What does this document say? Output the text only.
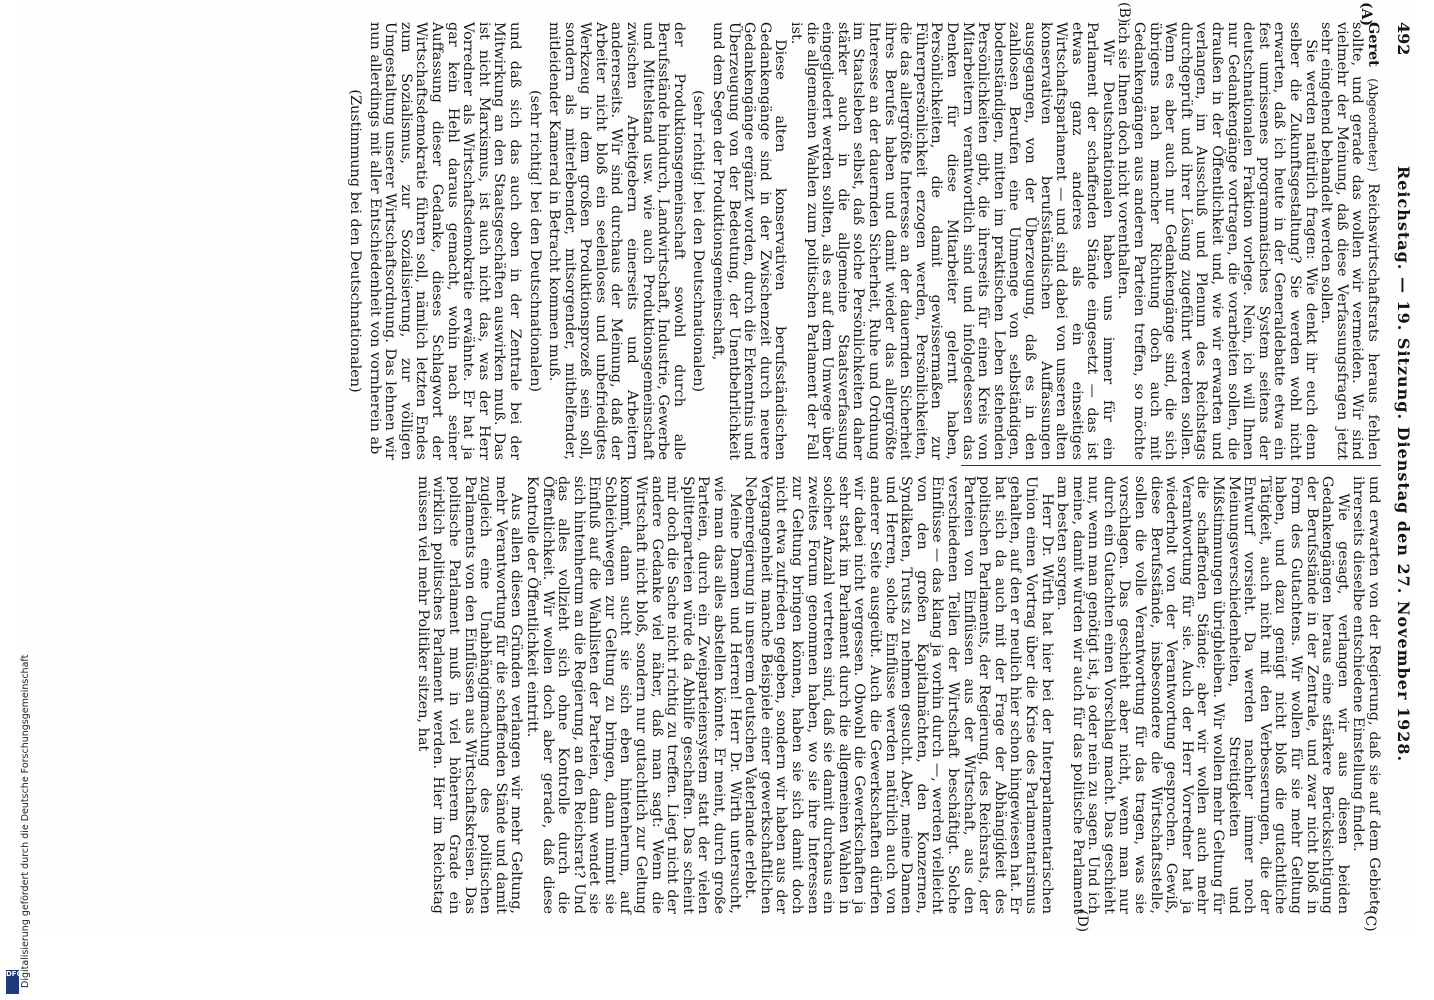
492
Reichstag. — 19. Sitzung. Dienstag den 27. November 1928.
(A)
(B)
(C)
(D)

Geret (Abgeordneter) Reichswirtschaftsrats heraus fehlen sollte, und gerade das wollen wir vermeiden. Wir sind vielmehr der Meinung, daß diese Verfassungsfragen jetzt sehr eingehend behandelt werden sollen.

Sie werden natürlich fragen: Wie denkt ihr euch denn selber die Zukunftsgestaltung? Sie werden wohl nicht erwarten, daß ich heute in der Generaldebatte etwa ein fest umrissenes programmatisches System seitens der deutschnationalen Fraktion vorlege. Nein, ich will Ihnen nur Gedankengänge vortragen, die vorarbeiten sollen, die draußen in der Öffentlichkeit und, wie wir erwarten und verlangen, im Ausschuß und Plenum des Reichstags durchgeprüft und ihrer Lösung zugeführt werden sollen. Wenn es aber auch nur Gedankengänge sind, die sich übrigens nach mancher Richtung doch auch mit Gedankengängen aus anderen Parteien treffen, so möchte ich sie Ihnen doch nicht vorenthalten.

Wir Deutschnationalen haben uns immer für ein Parlament der schaffenden Stände eingesetzt — das ist etwas ganz anderes als ein einseitiges Wirtschaftsparlament — und sind dabei von unseren alten konservativen berufsständischen Auffassungen ausgegangen, von der Überzeugung, daß es in den zahllosen Berufen eine Unmenge von selbständigen, bodenständigen, mitten im praktischen Leben stehenden Persönlichkeiten gibt, die ihrerseits für einen Kreis von Mitarbeitern verantwortlich sind und infolgedessen das Denken für diese Mitarbeiter gelernt haben, Persönlichkeiten, die damit gewissermaßen zur Führerpersönlichkeit erzogen werden, Persönlichkeiten, die das allergrößte Interesse an der dauernden Sicherheit ihres Berufes haben und damit wieder das allergrößte Interesse an der dauernden Sicherheit, Ruhe und Ordnung im Staatsleben selbst, daß solche Persönlichkeiten daher stärker auch in die allgemeine Staatsverfassung eingegliedert werden sollten, als es auf dem Umwege über die allgemeinen Wahlen zum politischen Parlament der Fall ist.

Diese alten konservativen berufsständischen Gedankengänge sind in der Zwischenzeit durch neuere Gedankengänge ergänzt worden, durch die Erkenntnis und Überzeugung von der Bedeutung, der Unentbehrlichkeit und dem Segen der Produktionsgemeinschaft,

(sehr richtig! bei den Deutschnationalen)

der Produktionsgemeinschaft sowohl durch alle Berufsstände hindurch, Landwirtschaft, Industrie, Gewerbe und Mittelstand usw. wie auch Produktionsgemeinschaft zwischen Arbeitgebern einerseits und Arbeitern andererseits. Wir sind durchaus der Meinung, daß der Arbeiter nicht bloß ein seelenloses und unbefriedigtes Werkzeug in dem großen Produktionsprozeß sein soll, sondern als miterlebender, mitsorgender, mithelfender, mitleidender Kamerad in Betracht kommen muß.

(sehr richtig! bei den Deutschnationalen)

und daß sich das auch oben in der Zentrale bei der Mitwirkung an den Staatsgeschäften auswirken muß. Das ist nicht Marxismus, ist auch nicht das, was der Herr Vorredner als Wirtschaftsdemokratie erwähnte. Er hat ja gar kein Hehl daraus gemacht, wohin nach seiner Auffassung dieser Gedanke, dieses Schlagwort der Wirtschaftsdemokratie führen soll, nämlich letzten Endes zum Sozialismus, zur Sozialisierung, zur völligen Umgestaltung unserer Wirtschaftsordnung. Das lehnen wir nun allerdings mit aller Entschiedenheit von vornherein ab

(Zustimmung bei den Deutschnationalen)

und erwarten von der Regierung, daß sie auf dem Gebiete ihrerseits dieselbe entschiedene Einstellung findet.

Wie gesagt, verlangen wir aus diesen beiden Gedankengängen heraus eine stärkere Berücksichtigung der Berufsstände in der Zentrale, und zwar nicht bloß in Form des Gutachtens. Wir wollen für sie mehr Geltung haben, und dazu genügt nicht bloß die gutachtliche Tätigkeit, auch nicht mit den Verbesserungen, die der Entwurf vorsieht. Da werden nachher immer noch Meinungsverschiedenheiten, Streitigkeiten und Mißstimmungen übrigbleiben. Wir wollen mehr Geltung für die schaffenden Stände; aber wir wollen auch mehr Verantwortung für sie. Auch der Herr Vorredner hat ja wiederholt von der Verantwortung gesprochen. Gewiß, diese Berufsstände, insbesondere die Wirtschaftsstelle, sollen die volle Verantwortung für das tragen, was sie vorschlagen. Das geschieht aber nicht, wenn man nur durch ein Gutachten einen Vorschlag macht. Das geschieht nur, wenn man genötigt ist, ja oder nein zu sagen. Und ich meine, damit würden wir auch für das politische Parlament am besten sorgen.

Herr Dr. Wirth hat hier bei der Interparlamentarischen Union einen Vortrag über die Krise des Parlamentarismus gehalten, auf den er neulich hier schon hingewiesen hat. Er hat sich da auch mit der Frage der Abhängigkeit des politischen Parlaments, der Regierung, des Reichsrats, der Parteien von Einflüssen aus der Wirtschaft, aus den verschiedenen Teilen der Wirtschaft beschäftigt. Solche Einflüsse — das klang ja vorhin durch —, werden vielleicht von den großen Kapitalmächten, den Konzernen, Syndikaten, Trusts zu nehmen gesucht. Aber, meine Damen und Herren, solche Einflüsse werden natürlich auch von anderer Seite ausgeübt. Auch die Gewerkschaften dürfen wir dabei nicht vergessen. Obwohl die Gewerkschaften ja sehr stark im Parlament durch die allgemeinen Wahlen in solcher Anzahl vertreten sind, daß sie damit durchaus ein zweites Forum genommen haben, wo sie ihre Interessen zur Geltung bringen können, haben sie sich damit doch nicht etwa zufrieden gegeben, sondern wir haben aus der Vergangenheit manche Beispiele einer gewerkschaftlichen Nebenregierung in unserem deutschen Vaterlande erlebt.

Meine Damen und Herren! Herr Dr. Wirth untersucht, wie man das alles abstellen könnte. Er meint, durch große Parteien, durch ein Zweiparteiensystem statt der vielen Splitterparteien würde da Abhilfe geschaffen. Das scheint mir doch die Sache nicht richtig zu treffen. Liegt nicht der andere Gedanke viel näher, daß man sagt: Wenn die Wirtschaft nicht bloß, sondern nur gutachtlich zur Geltung kommt, dann sucht sie sich eben hintenherum, auf Schleichwegen zur Geltung zu bringen, dann nimmt sie Einfluß auf die Wahllisten der Parteien, dann wendet sie sich hintenherum an die Regierung, an den Reichsrat? Und das alles vollzieht sich ohne Kontrolle durch die Öffentlichkeit. Wir wollen doch aber gerade, daß diese Kontrolle der Öffentlichkeit eintritt.

Aus allen diesen Gründen verlangen wir mehr Geltung, mehr Verantwortung für die schaffenden Stände und damit zugleich eine Unabhängigmachung des politischen Parlaments von den Einflüssen aus Wirtschaftskreisen. Das politische Parlament muß in viel höherem Grade ein wirklich politisches Parlament werden. Hier im Reichstag müssen viel mehr Politiker sitzen, hat

Digitalisierung gefördert durch die Deutsche Forschungsgemeinschaft
DFG
